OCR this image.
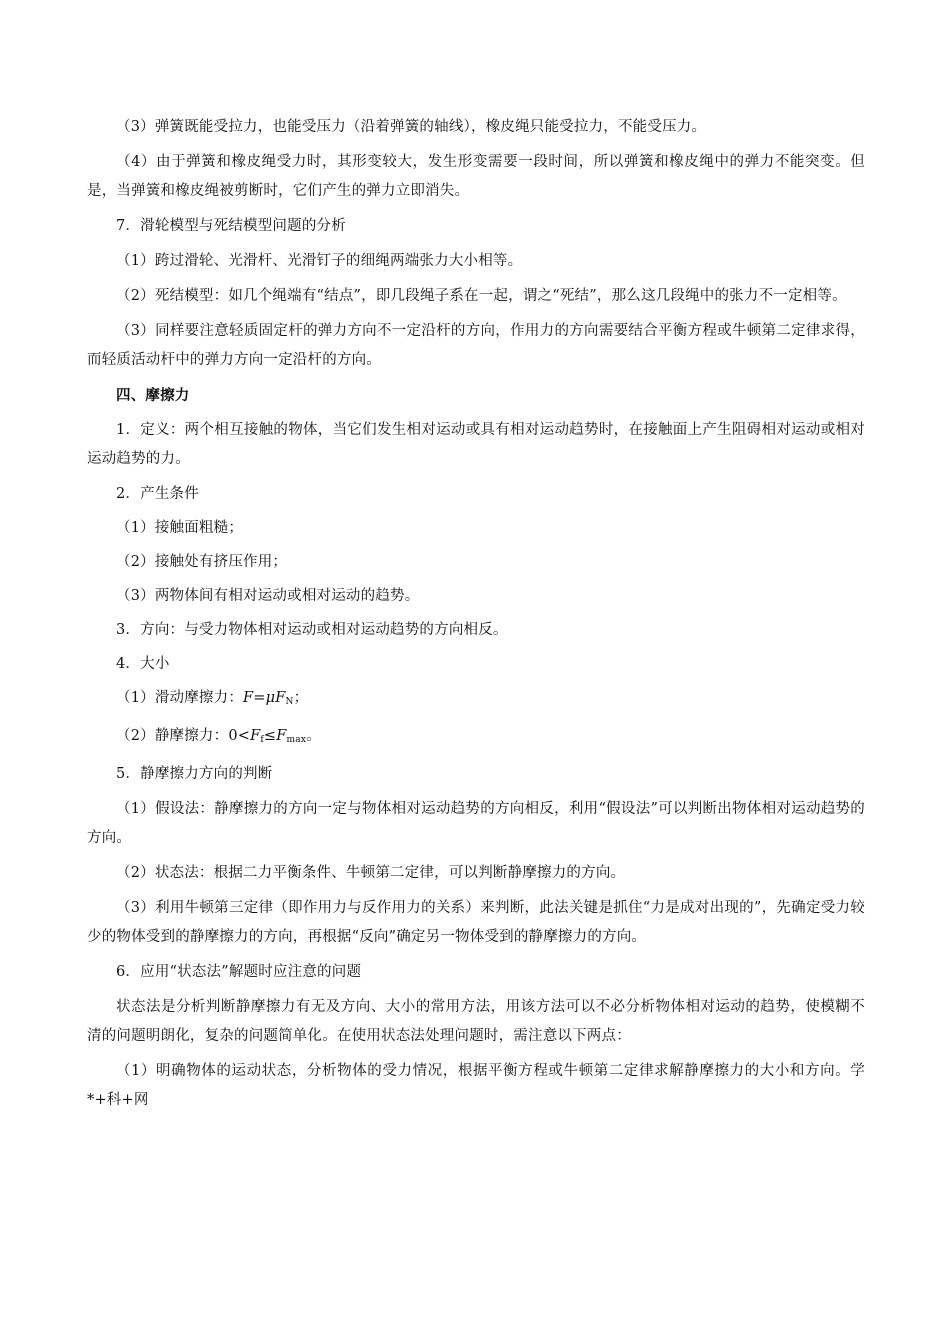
（3）弹簧既能受拉力，也能受压力（沿着弹簧的轴线），橡皮绳只能受拉力，不能受压力。

（4）由于弹簧和橡皮绳受力时，其形变较大，发生形变需要一段时间，所以弹簧和橡皮绳中的弹力不能突变。但是，当弹簧和橡皮绳被剪断时，它们产生的弹力立即消失。

7．滑轮模型与死结模型问题的分析

（1）跨过滑轮、光滑杆、光滑钉子的细绳两端张力大小相等。

（2）死结模型：如几个绳端有“结点”，即几段绳子系在一起，谓之“死结”，那么这几段绳中的张力不一定相等。

（3）同样要注意轻质固定杆的弹力方向不一定沿杆的方向，作用力的方向需要结合平衡方程或牛顿第二定律求得，而轻质活动杆中的弹力方向一定沿杆的方向。

四、摩擦力

1．定义：两个相互接触的物体，当它们发生相对运动或具有相对运动趋势时，在接触面上产生阻碍相对运动或相对运动趋势的力。

2．产生条件

（1）接触面粗糙；

（2）接触处有挤压作用；

（3）两物体间有相对运动或相对运动的趋势。

3．方向：与受力物体相对运动或相对运动趋势的方向相反。

4．大小

（1）滑动摩擦力：$F=\mu F_N$；

（2）静摩擦力：$0<F_f\le F_{max}$。

5．静摩擦力方向的判断

（1）假设法：静摩擦力的方向一定与物体相对运动趋势的方向相反，利用“假设法”可以判断出物体相对运动趋势的方向。

（2）状态法：根据二力平衡条件、牛顿第二定律，可以判断静摩擦力的方向。

（3）利用牛顿第三定律（即作用力与反作用力的关系）来判断，此法关键是抓住“力是成对出现的”，先确定受力较少的物体受到的静摩擦力的方向，再根据“反向”确定另一物体受到的静摩擦力的方向。

6．应用“状态法”解题时应注意的问题

状态法是分析判断静摩擦力有无及方向、大小的常用方法，用该方法可以不必分析物体相对运动的趋势，使模糊不清的问题明朗化，复杂的问题简单化。在使用状态法处理问题时，需注意以下两点：

（1）明确物体的运动状态，分析物体的受力情况，根据平衡方程或牛顿第二定律求解静摩擦力的大小和方向。学*+科+网
